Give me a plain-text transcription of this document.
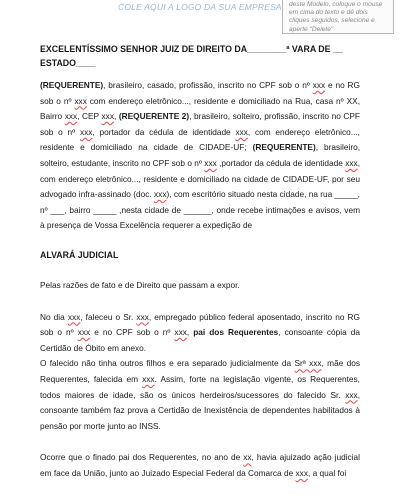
COLE AQUI A LOGO DA SUA EMPRESA	deste Modelo, coloque o mouse em cima do texto e dê dois cliques seguidos, selecione e aperte "Delete"
EXCELENTÍSSIMO SENHOR JUIZ DE DIREITO DA________ª VARA DE __ ESTADO____

(REQUERENTE), brasileiro, casado, profissão, inscrito no CPF sob o nº xxx e no RG sob o nº xxx com endereço eletrônico..., residente e domiciliado na Rua, casa nº XX, Bairro xxx, CEP xxx, (REQUERENTE 2), brasileiro, solteiro, profissão, inscrito no CPF sob o nº xxx, portador da cédula de identidade xxx, com endereço eletrônico..., residente e domiciliado na cidade de CIDADE-UF; (REQUERENTE), brasileiro, solteiro, estudante, inscrito no CPF sob o nº xxx ,portador da cédula de identidade xxx, com endereço eletrônico..., residente e domiciliado na cidade de CIDADE-UF, por seu advogado infra-assinado (doc. xxx), com escritório situado nesta cidade, na rua _____, nº ___, bairro _____ ,nesta cidade de ______, onde recebe intimações e avisos, vem à presença de Vossa Excelência requerer a expedição de

ALVARÁ JUDICIAL

Pelas razões de fato e de Direito que passam a expor.

No dia xxx, faleceu o Sr. xxx, empregado público federal aposentado, inscrito no RG sob o nº xxx e no CPF sob o nº xxx, pai dos Requerentes, consoante cópia da Certidão de Óbito em anexo.

O falecido não tinha outros filhos e era separado judicialmente da Srª xxx, mãe dos Requerentes, falecida em xxx. Assim, forte na legislação vigente, os Requerentes, todos maiores de idade, são os únicos herdeiros/sucessores do falecido Sr. xxx, consoante também faz prova a Certidão de Inexistência de dependentes habilitados à pensão por morte junto ao INSS.

Ocorre que o finado pai dos Requerentes, no ano de xx, havia ajuizado ação judicial em face da União, junto ao Juizado Especial Federal da Comarca de xxx, a qual foi
